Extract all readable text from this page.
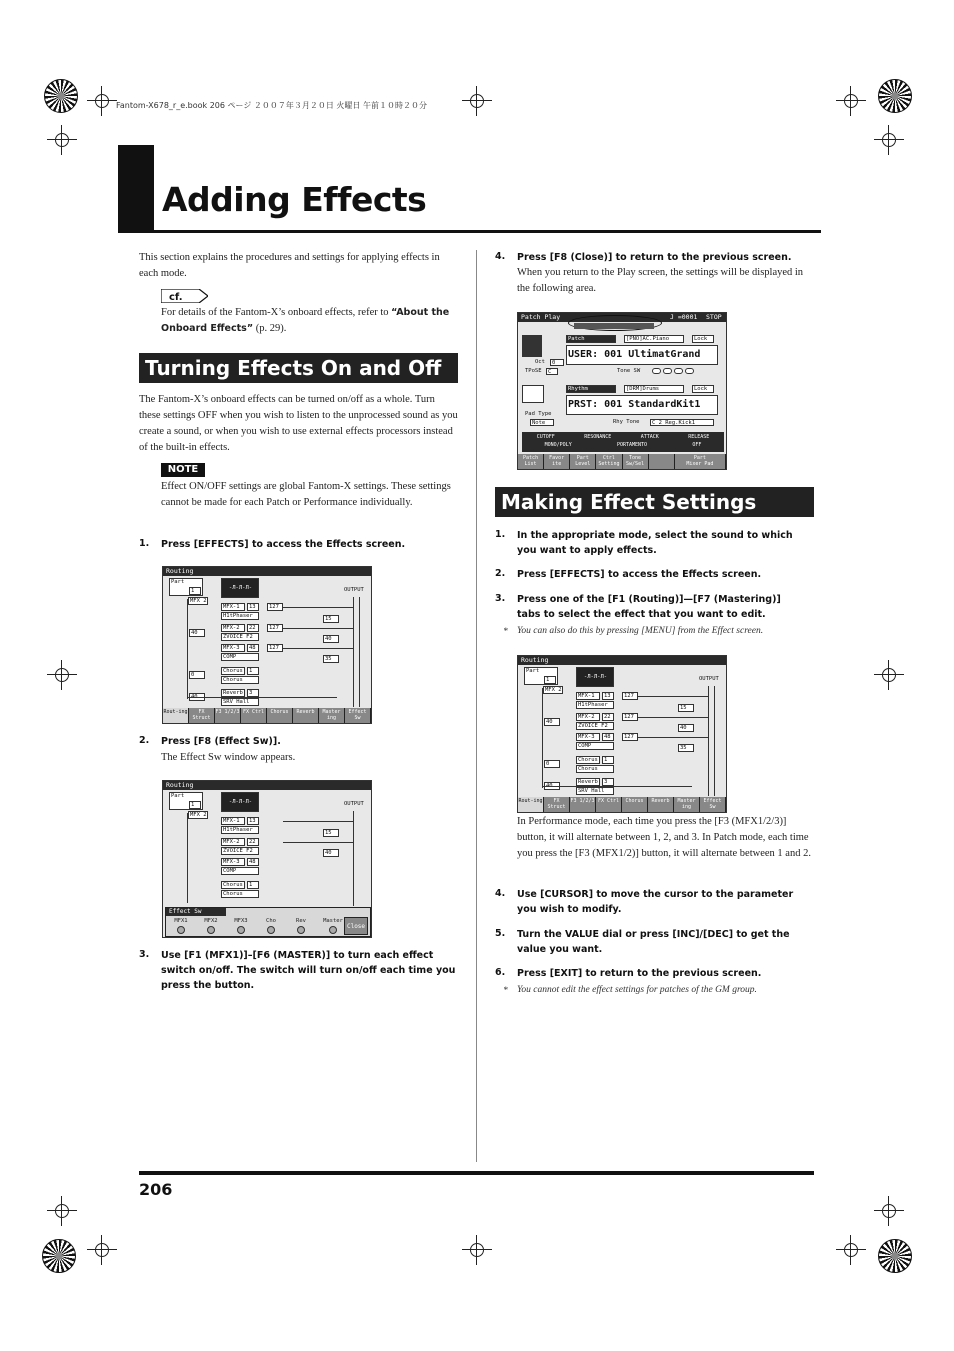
Fantom-X678_r_e.book 206 ページ ２００７年３月２０日 火曜日 午前１０時２０分
Adding Effects
This section explains the procedures and settings for applying effects in each mode.
cf.
For details of the Fantom-X’s onboard effects, refer to “About the Onboard Effects” (p. 29).
Turning Effects On and Off
The Fantom-X’s onboard effects can be turned on/off as a whole. Turn these settings OFF when you wish to listen to the unprocessed sound as you create a sound, or when you wish to use external effects processors instead of the built-in effects.
NOTE
Effect ON/OFF settings are global Fantom-X settings. These settings cannot be made for each Patch or Performance individually.
1. Press [EFFECTS] to access the Effects screen.
Routing
Part
1	-Л-Л-Л-
MFX 2
MFX-1	13
H1tPhaser
MFX-2	22
ZVOICE F2
MFX-3	48
COMP
40
127
127
127
Chorus	1
Chorus
Reverb	3
SRV Hall
0
15
40
35
OUTPUT
Rout-ing	FX Struct
F3 1/2/3 FX Ctrl	Chorus	Reverb	Master ing
Effect Sw
2. Press [F8 (Effect Sw)].
The Effect Sw window appears.
Routing
Part
1	-Л-Л-Л-
MFX 2
MFX-1	13
H1tPhaser
MFX-2	22
ZVOICE F2
MFX-3	48
COMP
Chorus	1
Chorus
15
40
OUTPUT
Effect Sw
MFX1	MFX2	MFX3	Cho	Rev	Master
Close
3. Use [F1 (MFX1)]–[F6 (MASTER)] to turn each effect switch on/off. The switch will turn on/off each time you press the button.
4. Press [F8 (Close)] to return to the previous screen.
When you return to the Play screen, the settings will be displayed in the following area.
Patch Play	J =0001 STOP
Patch	[PNO]AC.Piano	Lock
USER: 001 UltimatGrand
Oct	0
TPoSE	C	Tone SW
Rhythm	[DRM]Drums	Lock
PRST: 001 StandardKit1
Pad Type
Note	Rhy Tone	C 2 Reg.Kick1
CUTOFF	RESONANCE	ATTACK	RELEASE
MONO/POLY	PORTAMENTO	OFF
Patch List
Favor ite
Part Level
Ctrl Setting
Tone Sw/Sel
Part
Mixer Pad
Making Effect Settings
1. In the appropriate mode, select the sound to which you want to apply effects.
2. Press [EFFECTS] to access the Effects screen.
3. Press one of the [F1 (Routing)]—[F7 (Mastering)] tabs to select the effect that you want to edit.
* You can also do this by pressing [MENU] from the Effect screen.
Routing
Part
1	-Л-Л-Л-
MFX 2
MFX-1	13
H1tPhaser
MFX-2	22
ZVOICE F2
MFX-3	48
COMP
40
127
127
127
Chorus	1
Chorus
Reverb	3
SRV Hall
0
15
40
35
OUTPUT
Rout-ing	FX Struct
F3 1/2/3 FX Ctrl	Chorus	Reverb	Master ing
Effect Sw
In Performance mode, each time you press the [F3 (MFX1/2/3)] button, it will alternate between 1, 2, and 3. In Patch mode, each time you press the [F3 (MFX1/2)] button, it will alternate between 1 and 2.
4. Use [CURSOR] to move the cursor to the parameter you wish to modify.
5. Turn the VALUE dial or press [INC]/[DEC] to get the value you want.
6. Press [EXIT] to return to the previous screen.
* You cannot edit the effect settings for patches of the GM group.
206
